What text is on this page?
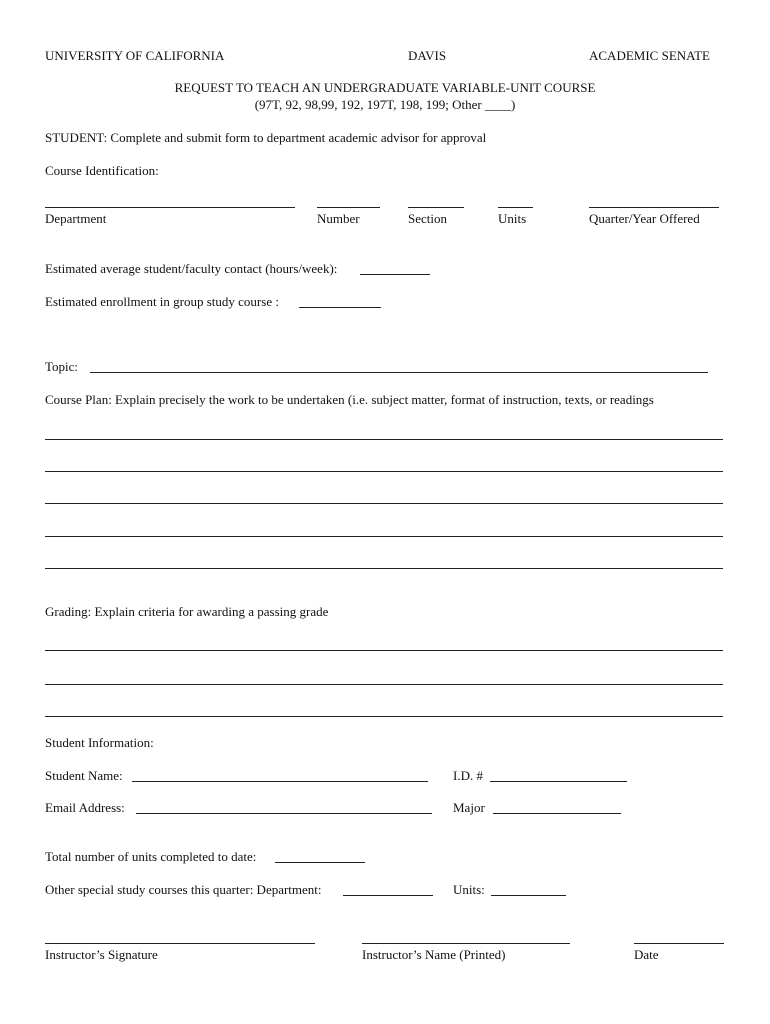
UNIVERSITY OF CALIFORNIA	DAVIS	ACADEMIC SENATE
REQUEST TO TEACH AN UNDERGRADUATE VARIABLE-UNIT COURSE
(97T, 92, 98,99, 192, 197T, 198, 199; Other ____)
STUDENT: Complete and submit form to department academic advisor for approval
Course Identification:
Department	Number	Section	Units	Quarter/Year Offered
Estimated average student/faculty contact (hours/week):
Estimated enrollment in group study course :
Topic:
Course Plan: Explain precisely the work to be undertaken (i.e. subject matter, format of instruction, texts, or readings
Grading: Explain criteria for awarding a passing grade
Student Information:
Student Name:	I.D. #
Email Address:	Major
Total number of units completed to date:
Other special study courses this quarter: Department:	Units:
Instructor’s Signature	Instructor’s Name (Printed)	Date
